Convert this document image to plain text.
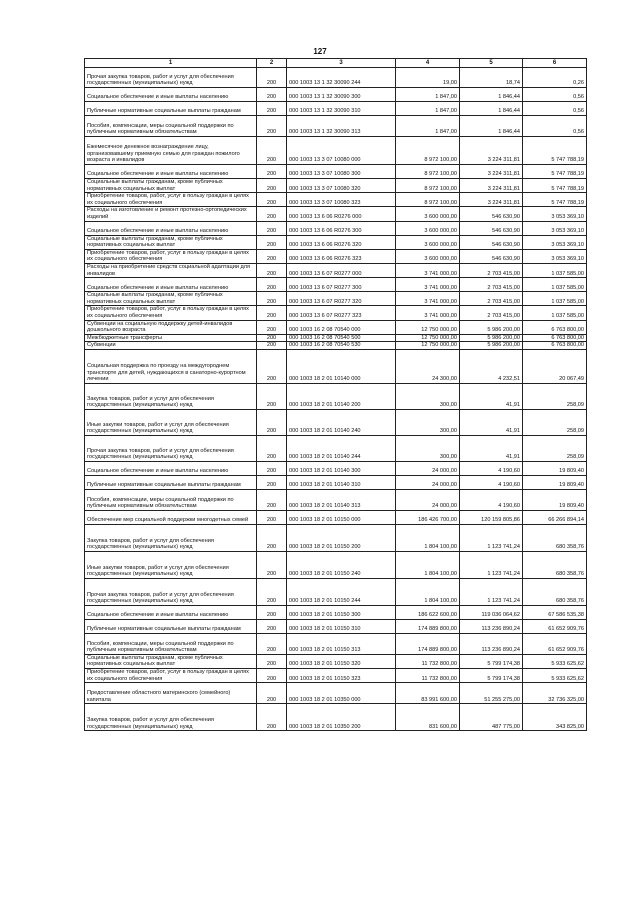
127
1	2	3	4	5	6
Прочая закупка товаров, работ и услуг для обеспечения государственных (муниципальных) нужд	200	000 1003 13 1 32 30090 244	19,00	18,74	0,26
Социальное обеспечение и иные выплаты населению	200	000 1003 13 1 32 30090 300	1 847,00	1 846,44	0,56
Публичные нормативные социальные выплаты гражданам	200	000 1003 13 1 32 30090 310	1 847,00	1 846,44	0,56
Пособия, компенсации, меры социальной поддержки по публичным нормативным обязательствам	200	000 1003 13 1 32 30090 313	1 847,00	1 846,44	0,56
Ежемесячное денежное вознаграждение лицу, организовавшему приемную семью для граждан пожилого возраста и инвалидов	200	000 1003 13 3 07 10080 000	8 972 100,00	3 224 311,81	5 747 788,19
Социальное обеспечение и иные выплаты населению	200	000 1003 13 3 07 10080 300	8 972 100,00	3 224 311,81	5 747 788,19
Социальные выплаты гражданам, кроме публичных нормативных социальных выплат	200	000 1003 13 3 07 10080 320	8 972 100,00	3 224 311,81	5 747 788,19
Приобретение товаров, работ, услуг в пользу граждан в целях их социального обеспечения	200	000 1003 13 3 07 10080 323	8 972 100,00	3 224 311,81	5 747 788,19
Расходы на изготовление и ремонт протезно-ортопедических изделий	200	000 1003 13 6 06 R0276 000	3 600 000,00	546 630,90	3 053 369,10
Социальное обеспечение и иные выплаты населению	200	000 1003 13 6 06 R0276 300	3 600 000,00	546 630,90	3 053 369,10
Социальные выплаты гражданам, кроме публичных нормативных социальных выплат	200	000 1003 13 6 06 R0276 320	3 600 000,00	546 630,90	3 053 369,10
Приобретение товаров, работ, услуг в пользу граждан в целях их социального обеспечения	200	000 1003 13 6 06 R0276 323	3 600 000,00	546 630,90	3 053 369,10
Расходы на приобретение средств социальной адаптации для инвалидов	200	000 1003 13 6 07 R0277 000	3 741 000,00	2 703 415,00	1 037 585,00
Социальное обеспечение и иные выплаты населению	200	000 1003 13 6 07 R0277 300	3 741 000,00	2 703 415,00	1 037 585,00
Социальные выплаты гражданам, кроме публичных нормативных социальных выплат	200	000 1003 13 6 07 R0277 320	3 741 000,00	2 703 415,00	1 037 585,00
Приобретение товаров, работ, услуг в пользу граждан в целях их социального обеспечения	200	000 1003 13 6 07 R0277 323	3 741 000,00	2 703 415,00	1 037 585,00
Субвенции на социальную поддержку детей-инвалидов дошкольного возраста	200	000 1003 16 2 08 70540 000	12 750 000,00	5 986 200,00	6 763 800,00
Межбюджетные трансферты	200	000 1003 16 2 08 70540 500	12 750 000,00	5 986 200,00	6 763 800,00
Субвенции	200	000 1003 16 2 08 70540 530	12 750 000,00	5 986 200,00	6 763 800,00
Социальная поддержка по проезду на междугороднем транспорте для детей, нуждающихся в санаторно-курортном лечении	200	000 1003 18 2 01 10140 000	24 300,00	4 232,51	20 067,49
Закупка товаров, работ и услуг для обеспечения государственных (муниципальных) нужд	200	000 1003 18 2 01 10140 200	300,00	41,91	258,09
Иные закупки товаров, работ и услуг для обеспечения государственных (муниципальных) нужд	200	000 1003 18 2 01 10140 240	300,00	41,91	258,09
Прочая закупка товаров, работ и услуг для обеспечения государственных (муниципальных) нужд	200	000 1003 18 2 01 10140 244	300,00	41,91	258,09
Социальное обеспечение и иные выплаты населению	200	000 1003 18 2 01 10140 300	24 000,00	4 190,60	19 809,40
Публичные нормативные социальные выплаты гражданам	200	000 1003 18 2 01 10140 310	24 000,00	4 190,60	19 809,40
Пособия, компенсации, меры социальной поддержки по публичным нормативным обязательствам	200	000 1003 18 2 01 10140 313	24 000,00	4 190,60	19 809,40
Обеспечение мер социальной поддержки многодетных семей	200	000 1003 18 2 01 10150 000	186 426 700,00	120 159 805,86	66 266 894,14
Закупка товаров, работ и услуг для обеспечения государственных (муниципальных) нужд	200	000 1003 18 2 01 10150 200	1 804 100,00	1 123 741,24	680 358,76
Иные закупки товаров, работ и услуг для обеспечения государственных (муниципальных) нужд	200	000 1003 18 2 01 10150 240	1 804 100,00	1 123 741,24	680 358,76
Прочая закупка товаров, работ и услуг для обеспечения государственных (муниципальных) нужд	200	000 1003 18 2 01 10150 244	1 804 100,00	1 123 741,24	680 358,76
Социальное обеспечение и иные выплаты населению	200	000 1003 18 2 01 10150 300	186 622 600,00	119 036 064,62	67 586 535,38
Публичные нормативные социальные выплаты гражданам	200	000 1003 18 2 01 10150 310	174 889 800,00	113 236 890,24	61 652 909,76
Пособия, компенсации, меры социальной поддержки по публичным нормативным обязательствам	200	000 1003 18 2 01 10150 313	174 889 800,00	113 236 890,24	61 652 909,76
Социальные выплаты гражданам, кроме публичных нормативных социальных выплат	200	000 1003 18 2 01 10150 320	11 732 800,00	5 799 174,38	5 933 625,62
Приобретение товаров, работ, услуг в пользу граждан в целях их социального обеспечения	200	000 1003 18 2 01 10150 323	11 732 800,00	5 799 174,38	5 933 625,62
Предоставление областного материнского (семейного) капитала	200	000 1003 18 2 01 10350 000	83 991 600,00	51 255 275,00	32 736 325,00
Закупка товаров, работ и услуг для обеспечения государственных (муниципальных) нужд	200	000 1003 18 2 01 10350 200	831 600,00	487 775,00	343 825,00
